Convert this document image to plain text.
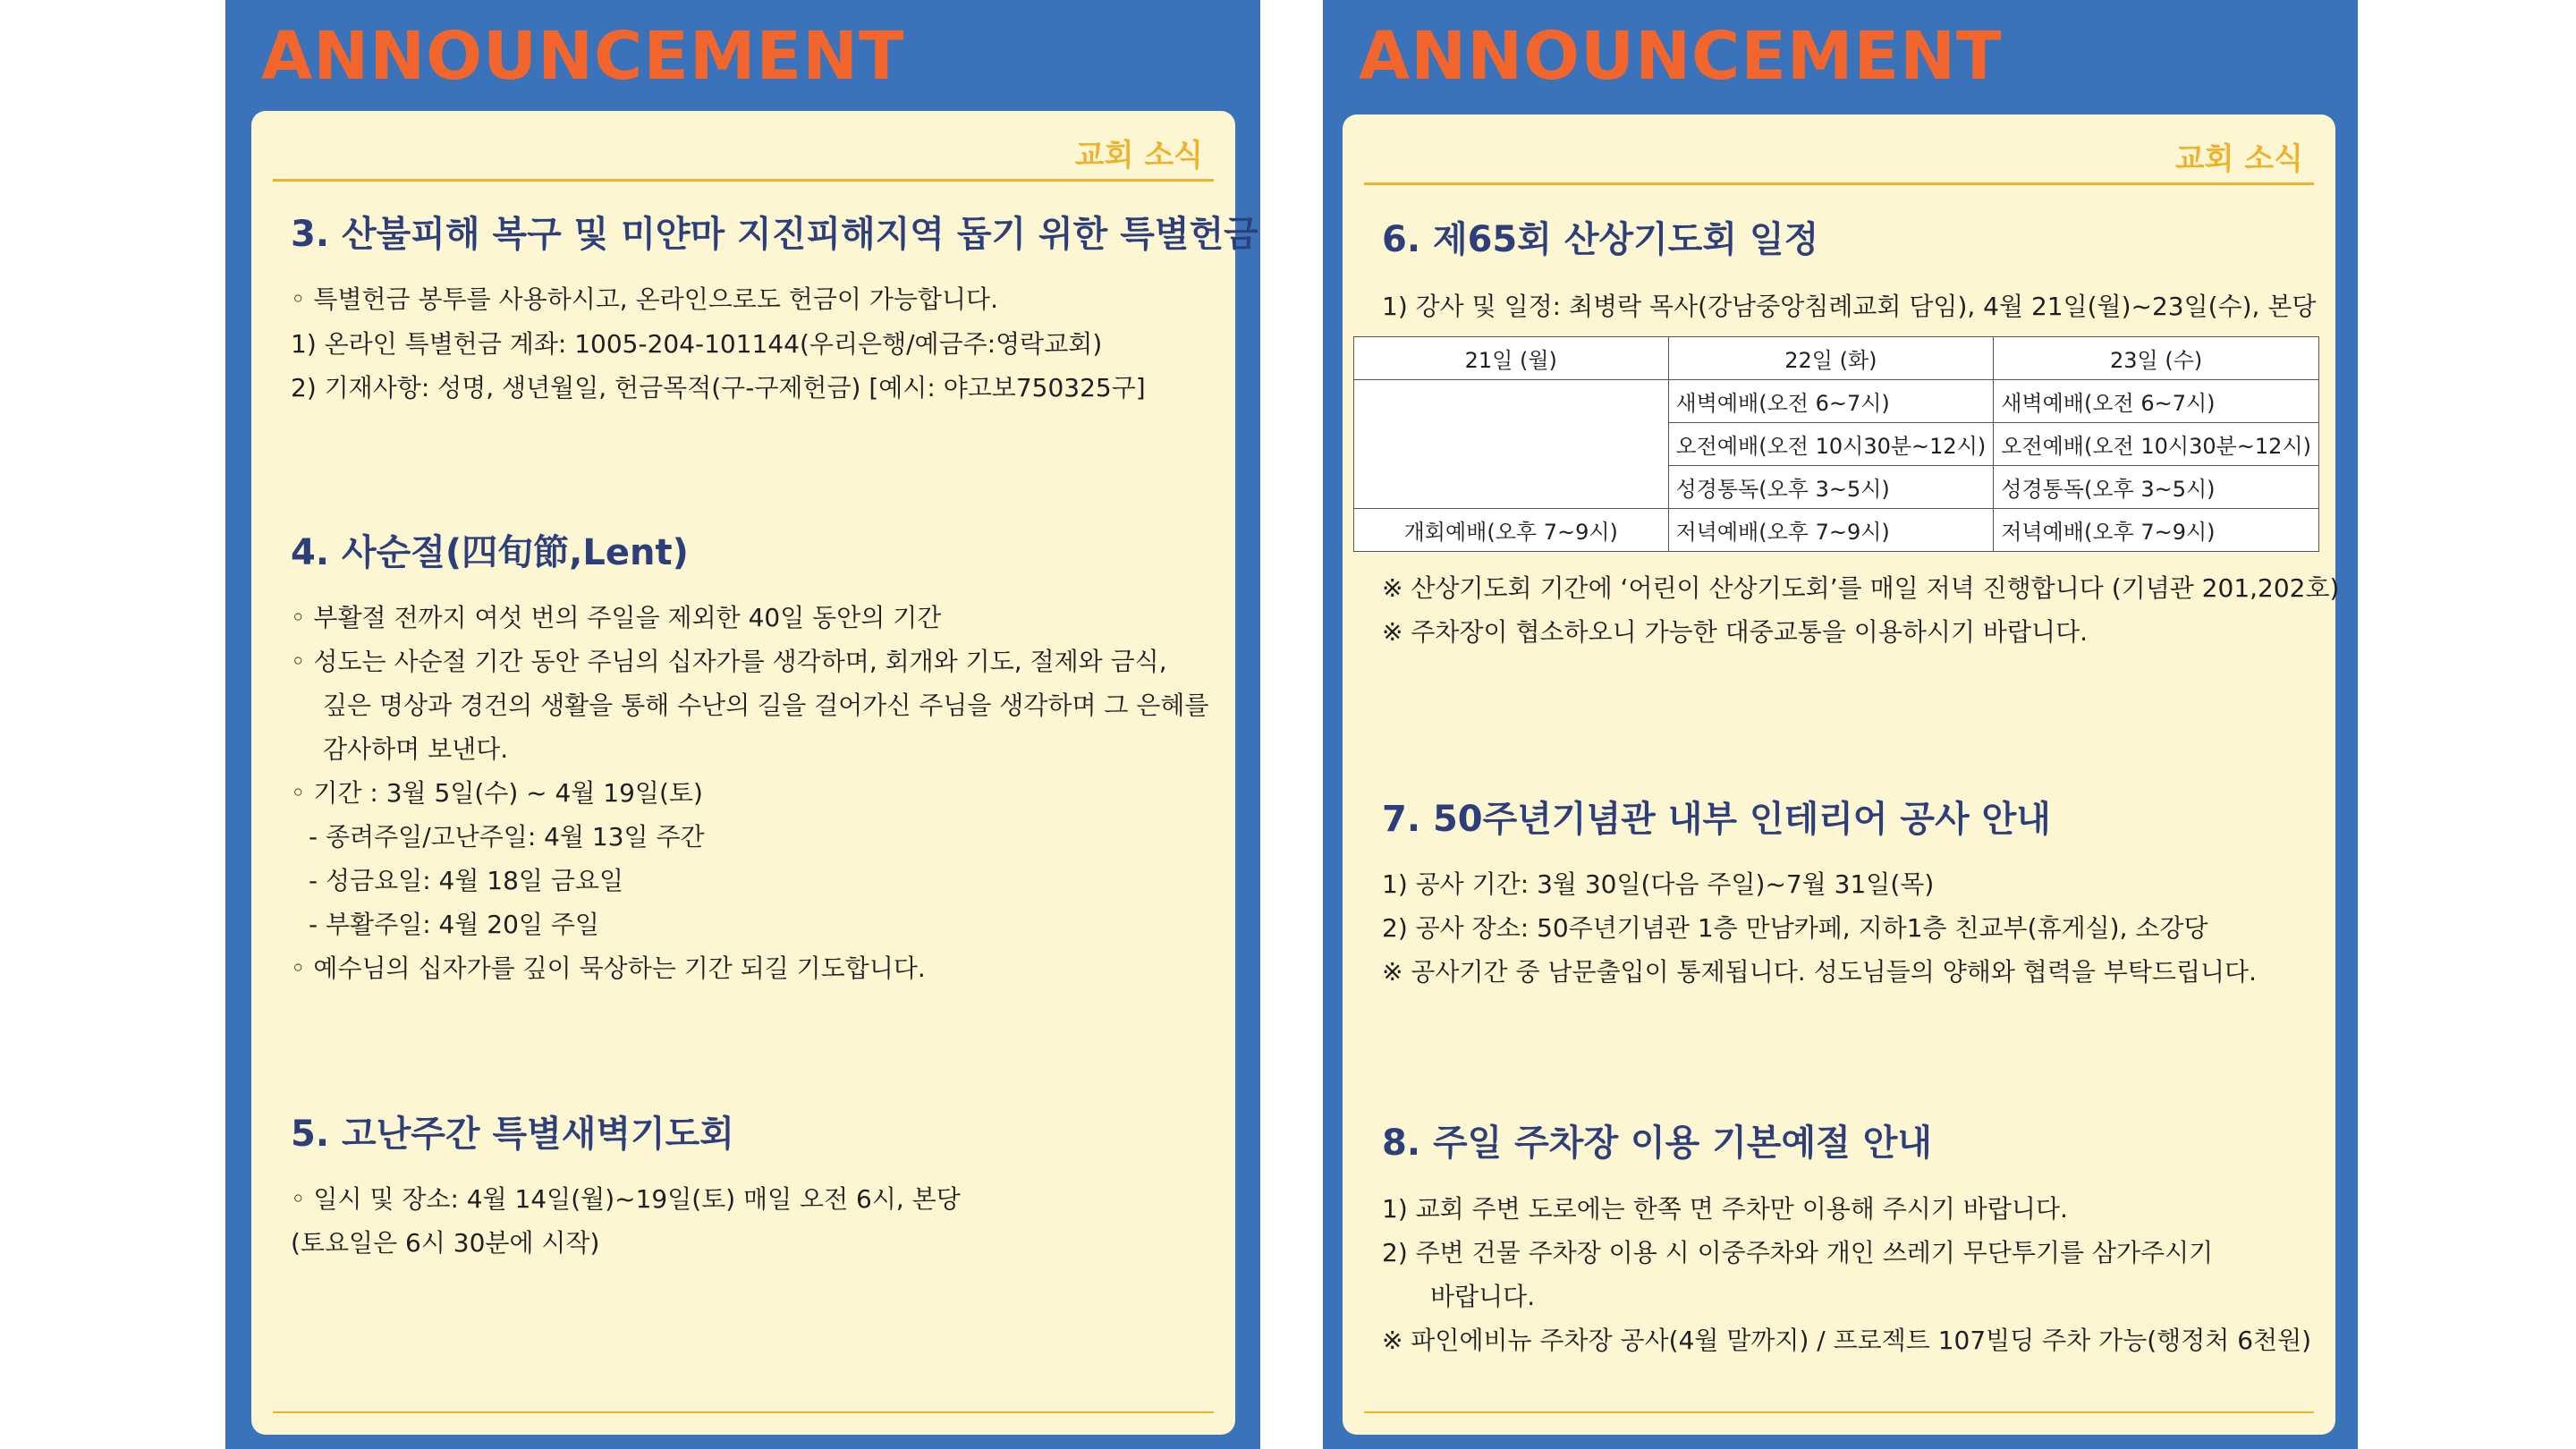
ANNOUNCEMENT
교회 소식
3. 산불피해 복구 및 미얀마 지진피해지역 돕기 위한 특별헌금

◦ 특별헌금 봉투를 사용하시고, 온라인으로도 헌금이 가능합니다.

1) 온라인 특별헌금 계좌: 1005-204-101144(우리은행/예금주:영락교회)

2) 기재사항: 성명, 생년월일, 헌금목적(구-구제헌금) [예시: 야고보750325구]

4. 사순절(四旬節,Lent)

◦ 부활절 전까지 여섯 번의 주일을 제외한 40일 동안의 기간

◦ 성도는 사순절 기간 동안 주님의 십자가를 생각하며, 회개와 기도, 절제와 금식,

깊은 명상과 경건의 생활을 통해 수난의 길을 걸어가신 주님을 생각하며 그 은혜를

감사하며 보낸다.

◦ 기간 : 3월 5일(수) ~ 4월 19일(토)

- 종려주일/고난주일: 4월 13일 주간

- 성금요일: 4월 18일 금요일

- 부활주일: 4월 20일 주일

◦ 예수님의 십자가를 깊이 묵상하는 기간 되길 기도합니다.

5. 고난주간 특별새벽기도회

◦ 일시 및 장소: 4월 14일(월)~19일(토) 매일 오전 6시, 본당

(토요일은 6시 30분에 시작)

ANNOUNCEMENT
교회 소식
6. 제65회 산상기도회 일정

1) 강사 및 일정: 최병락 목사(강남중앙침례교회 담임), 4월 21일(월)~23일(수), 본당

21일 (월)	22일 (화)	23일 (수)
	새벽예배(오전 6~7시)	새벽예배(오전 6~7시)
	오전예배(오전 10시30분~12시)	오전예배(오전 10시30분~12시)
	성경통독(오후 3~5시)	성경통독(오후 3~5시)
개회예배(오후 7~9시)	저녁예배(오후 7~9시)	저녁예배(오후 7~9시)

※ 산상기도회 기간에 ‘어린이 산상기도회’를 매일 저녁 진행합니다 (기념관 201,202호)

※ 주차장이 협소하오니 가능한 대중교통을 이용하시기 바랍니다.

7. 50주년기념관 내부 인테리어 공사 안내

1) 공사 기간: 3월 30일(다음 주일)~7월 31일(목)

2) 공사 장소: 50주년기념관 1층 만남카페, 지하1층 친교부(휴게실), 소강당

※ 공사기간 중 남문출입이 통제됩니다. 성도님들의 양해와 협력을 부탁드립니다.

8. 주일 주차장 이용 기본예절 안내

1) 교회 주변 도로에는 한쪽 면 주차만 이용해 주시기 바랍니다.

2) 주변 건물 주차장 이용 시 이중주차와 개인 쓰레기 무단투기를 삼가주시기

바랍니다.

※ 파인에비뉴 주차장 공사(4월 말까지) / 프로젝트 107빌딩 주차 가능(행정처 6천원)
